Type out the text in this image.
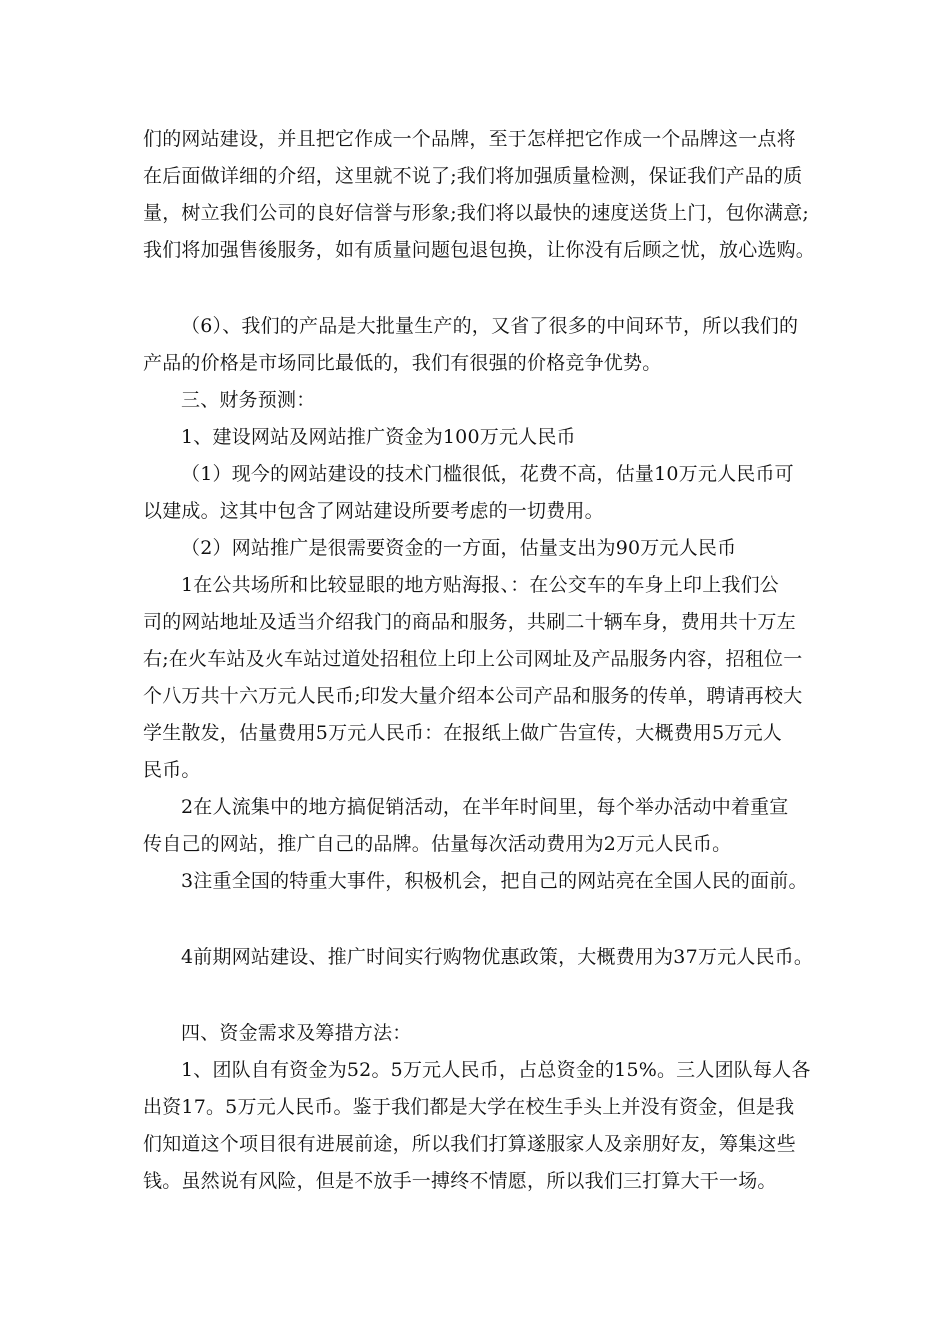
们的网站建设，并且把它作成一个品牌，至于怎样把它作成一个品牌这一点将
在后面做详细的介绍，这里就不说了;我们将加强质量检测，保证我们产品的质
量，树立我们公司的良好信誉与形象;我们将以最快的速度送货上门，包你满意;
我们将加强售後服务，如有质量问题包退包换，让你没有后顾之忧，放心选购。
（6）、我们的产品是大批量生产的，又省了很多的中间环节，所以我们的
产品的价格是市场同比最低的，我们有很强的价格竞争优势。
三、财务预测：
1、建设网站及网站推广资金为100万元人民币
（1）现今的网站建设的技术门槛很低，花费不高，估量10万元人民币可
以建成。这其中包含了网站建设所要考虑的一切费用。
（2）网站推广是很需要资金的一方面，估量支出为90万元人民币
1在公共场所和比较显眼的地方贴海报、：在公交车的车身上印上我们公
司的网站地址及适当介绍我门的商品和服务，共刷二十辆车身，费用共十万左
右;在火车站及火车站过道处招租位上印上公司网址及产品服务内容，招租位一
个八万共十六万元人民币;印发大量介绍本公司产品和服务的传单，聘请再校大
学生散发，估量费用5万元人民币：在报纸上做广告宣传，大概费用5万元人
民币。
2在人流集中的地方搞促销活动，在半年时间里，每个举办活动中着重宣
传自己的网站，推广自己的品牌。估量每次活动费用为2万元人民币。
3注重全国的特重大事件，积极机会，把自己的网站亮在全国人民的面前。
4前期网站建设、推广时间实行购物优惠政策，大概费用为37万元人民币。
四、资金需求及筹措方法：
1、团队自有资金为52。5万元人民币，占总资金的15%。三人团队每人各
出资17。5万元人民币。鉴于我们都是大学在校生手头上并没有资金，但是我
们知道这个项目很有进展前途，所以我们打算遂服家人及亲朋好友，筹集这些
钱。虽然说有风险，但是不放手一搏终不情愿，所以我们三打算大干一场。
